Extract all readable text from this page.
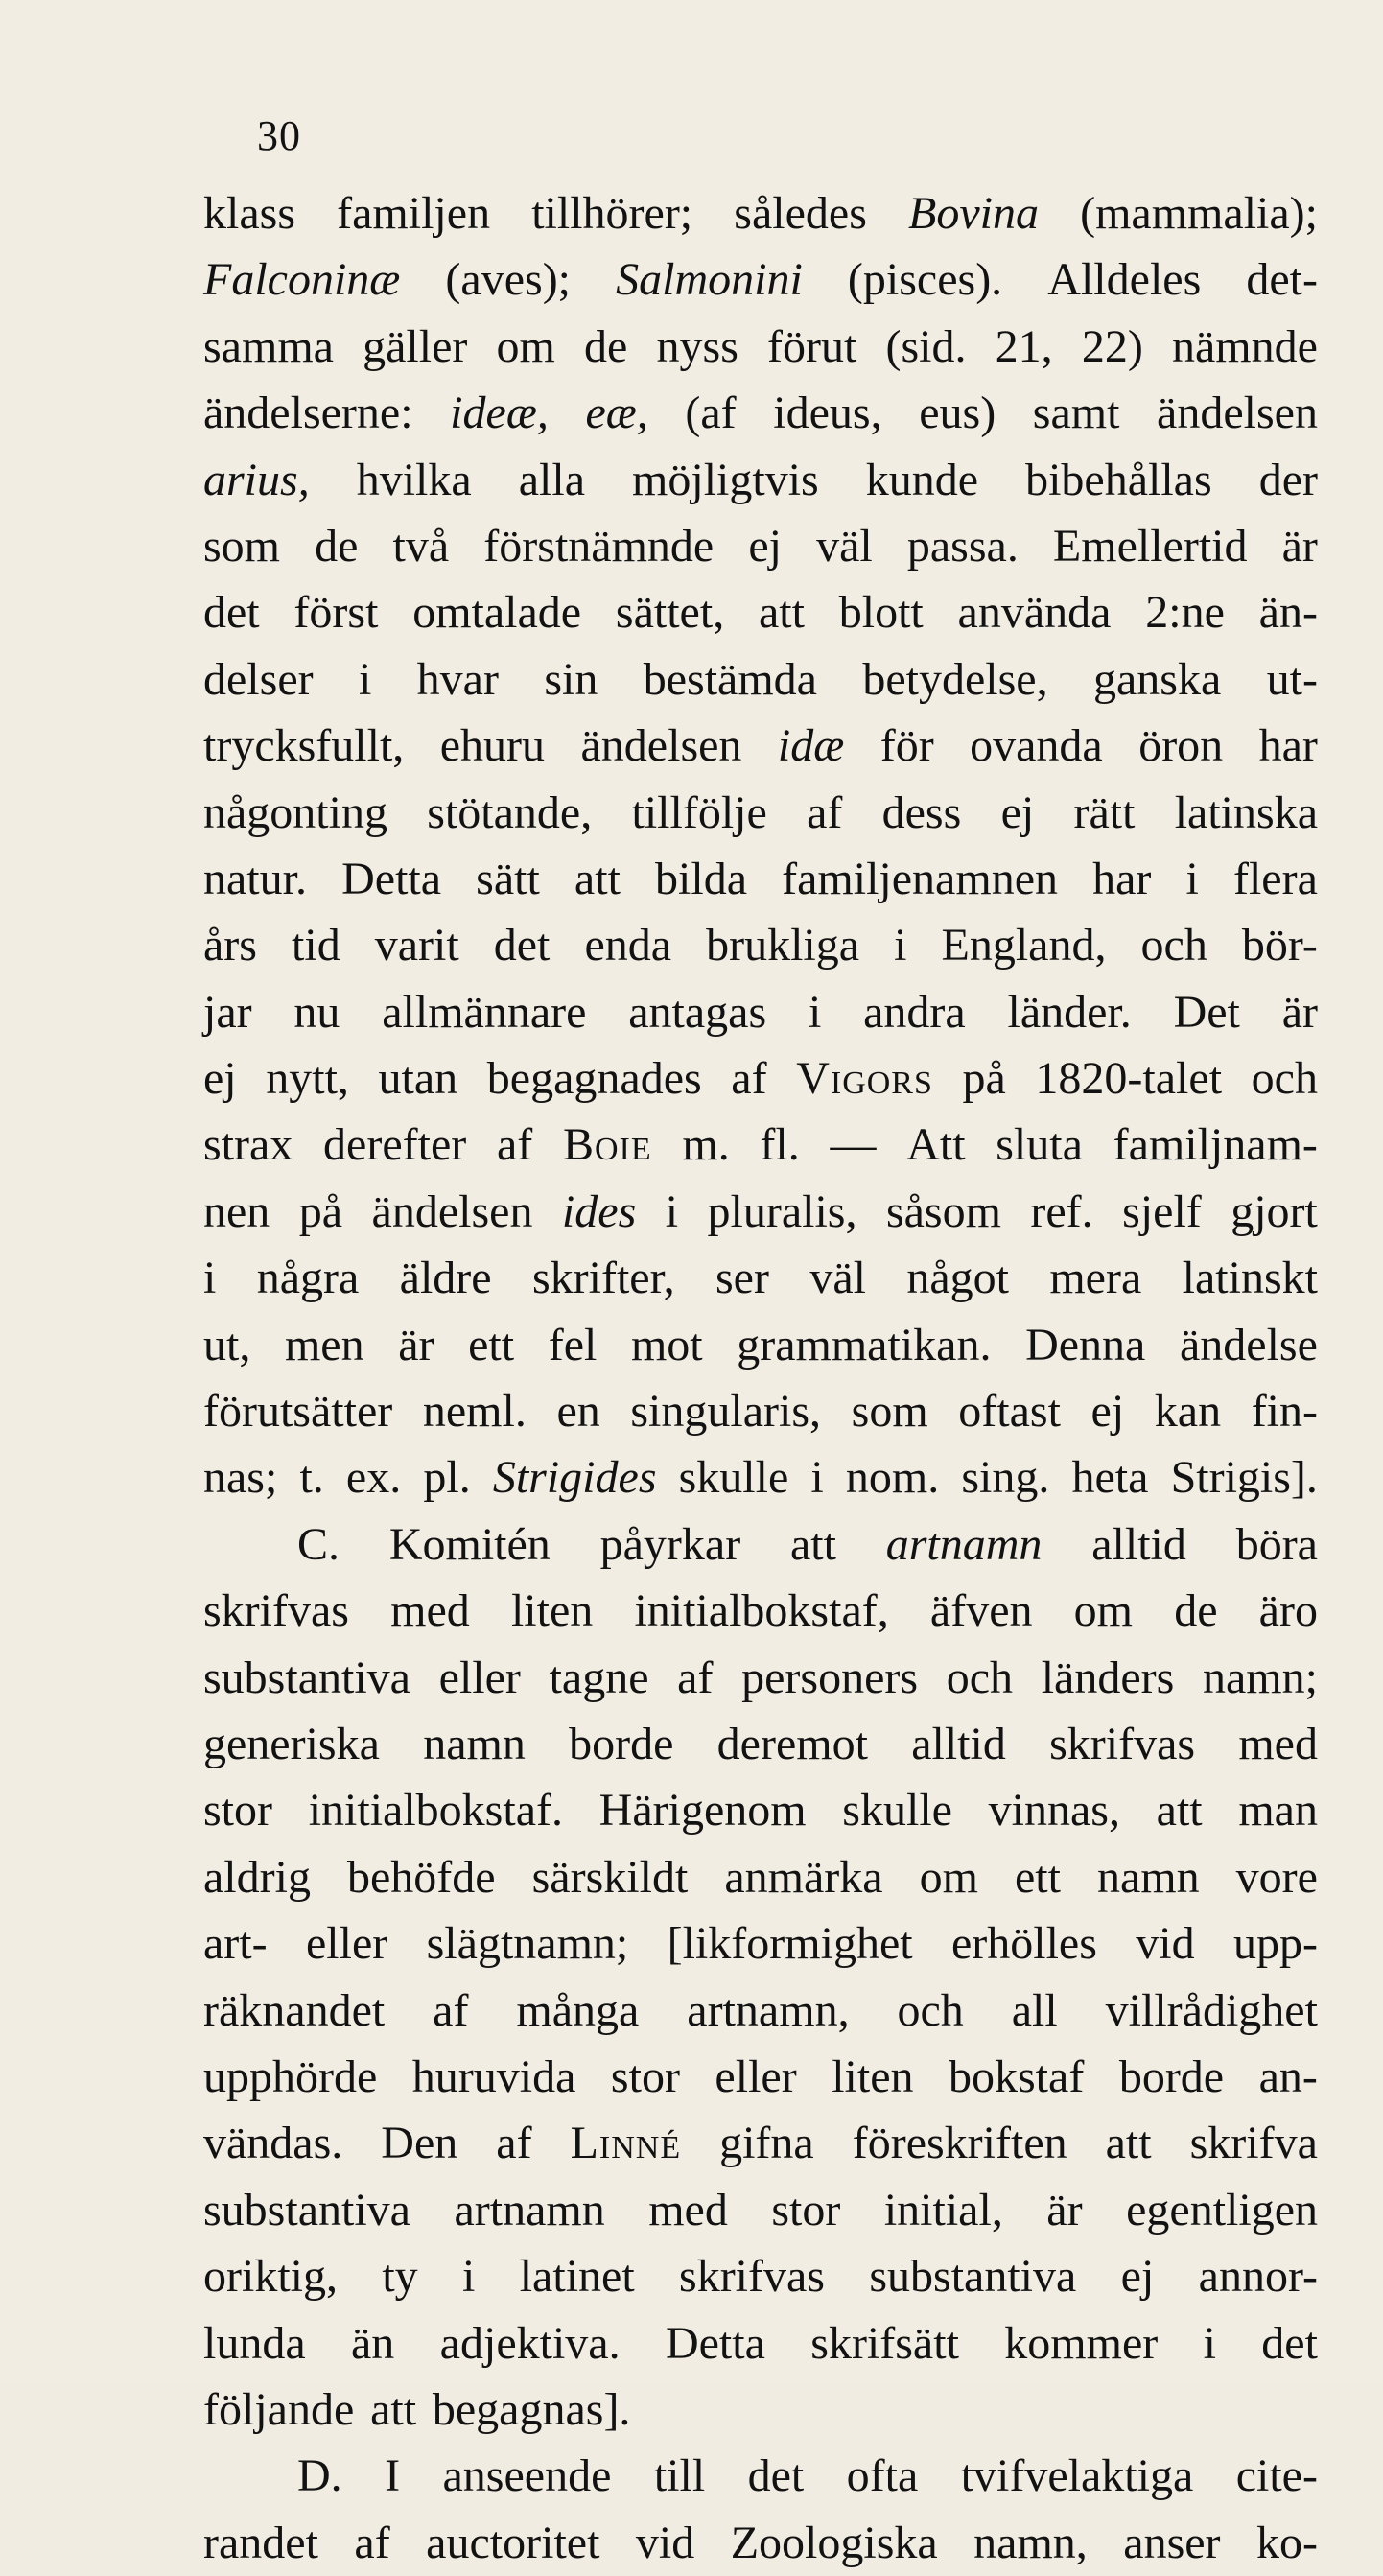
30
klass familjen tillhörer; således Bovina (mammalia);
Falconinæ (aves); Salmonini (pisces). Alldeles det-
samma gäller om de nyss förut (sid. 21, 22) nämnde
ändelserne: ideæ, eæ, (af ideus, eus) samt ändelsen
arius, hvilka alla möjligtvis kunde bibehållas der
som de två förstnämnde ej väl passa. Emellertid är
det först omtalade sättet, att blott använda 2:ne än-
delser i hvar sin bestämda betydelse, ganska ut-
trycksfullt, ehuru ändelsen idæ för ovanda öron har
någonting stötande, tillfölje af dess ej rätt latinska
natur. Detta sätt att bilda familjenamnen har i flera
års tid varit det enda brukliga i England, och bör-
jar nu allmännare antagas i andra länder. Det är
ej nytt, utan begagnades af Vigors på 1820-talet och
strax derefter af Boie m. fl. — Att sluta familjnam-
nen på ändelsen ides i pluralis, såsom ref. sjelf gjort
i några äldre skrifter, ser väl något mera latinskt
ut, men är ett fel mot grammatikan. Denna ändelse
förutsätter neml. en singularis, som oftast ej kan fin-
nas; t. ex. pl. Strigides skulle i nom. sing. heta Strigis].
C. Komitén påyrkar att artnamn alltid böra
skrifvas med liten initialbokstaf, äfven om de äro
substantiva eller tagne af personers och länders namn;
generiska namn borde deremot alltid skrifvas med
stor initialbokstaf. Härigenom skulle vinnas, att man
aldrig behöfde särskildt anmärka om ett namn vore
art- eller slägtnamn; [likformighet erhölles vid upp-
räknandet af många artnamn, och all villrådighet
upphörde huruvida stor eller liten bokstaf borde an-
vändas. Den af Linné gifna föreskriften att skrifva
substantiva artnamn med stor initial, är egentligen
oriktig, ty i latinet skrifvas substantiva ej annor-
lunda än adjektiva. Detta skrifsätt kommer i det
följande att begagnas].
D. I anseende till det ofta tvifvelaktiga cite-
randet af auctoritet vid Zoologiska namn, anser ko-
